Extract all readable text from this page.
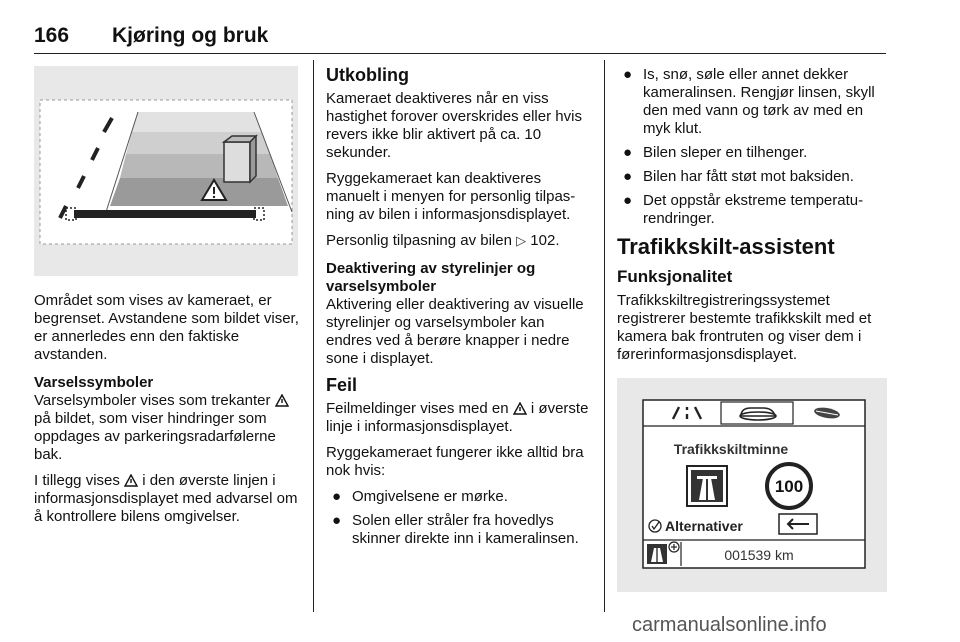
166 Kjøring og bruk

Området som vises av kameraet, er begrenset. Avstandene som bildet viser, er annerledes enn den faktiske avstanden.

Varselssymboler

Varselsymboler vises som trekanter  på bildet, som viser hindringer som oppdages av parkeringsradarfølerne bak.

I tillegg vises i den øverste linjen i informasjonsdisplayet med advarsel om å kontrollere bilens omgivelser.

Utkobling

Kameraet deaktiveres når en viss hastighet forover overskrides eller hvis revers ikke blir aktivert på ca. 10 sekunder.

Ryggekameraet kan deaktiveres manuelt i menyen for personlig tilpasning av bilen i informasjonsdisplayet.

Personlig tilpasning av bilen ▷ 102.

Deaktivering av styrelinjer og varselsymboler

Aktivering eller deaktivering av visuelle styrelinjer og varselsymboler kan endres ved å berøre knapper i nedre sone i displayet.

Feil

Feilmeldinger vises med en i øverste linje i informasjonsdisplayet.

Ryggekameraet fungerer ikke alltid bra nok hvis:

● Omgivelsene er mørke.
● Solen eller stråler fra hovedlys skinner direkte inn i kameralinsen.
● Is, snø, søle eller annet dekker kameralinsen. Rengjør linsen, skyll den med vann og tørk av med en myk klut.
● Bilen sleper en tilhenger.
● Bilen har fått støt mot baksiden.
● Det oppstår ekstreme temperaturendringer.
Trafikkskilt-assistent
Funksjonalitet

Trafikkskiltregistreringssystemet registrerer bestemte trafikkskilt med et kamera bak frontruten og viser dem i førerinformasjonsdisplayet.

Trafikkskiltminne
100
Alternativer
001539 km
carmanualsonline.info
